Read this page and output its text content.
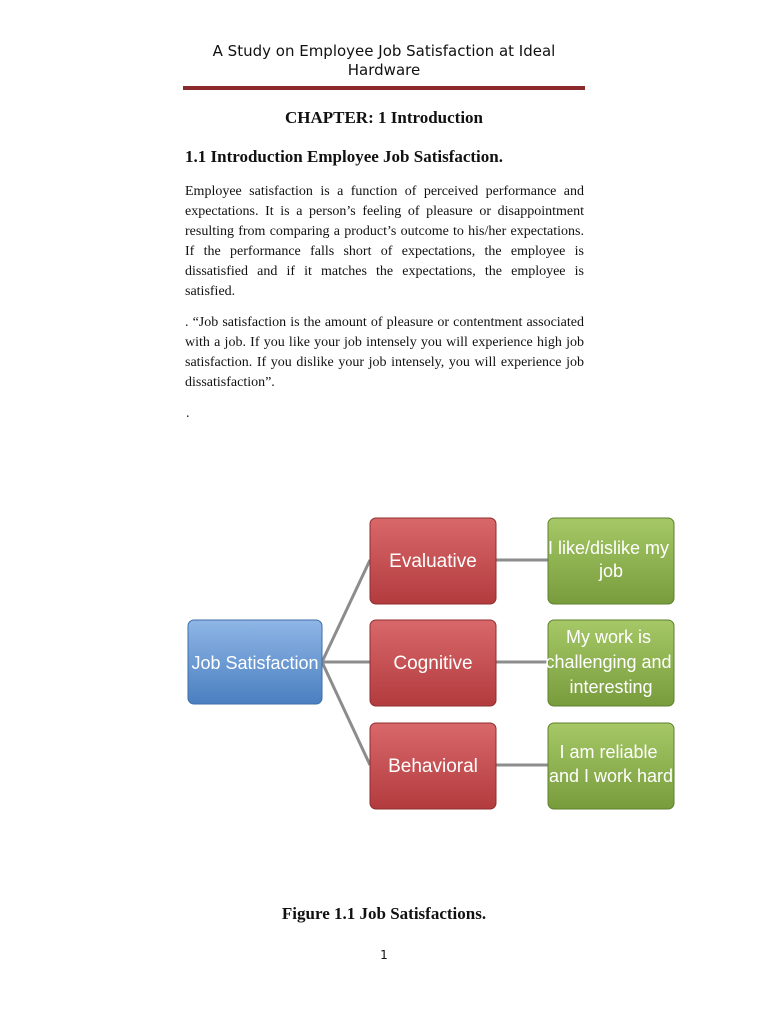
A Study on Employee Job Satisfaction at Ideal Hardware
CHAPTER: 1 Introduction
1.1 Introduction Employee Job Satisfaction.

Employee satisfaction is a function of perceived performance and expectations. It is a person’s feeling of pleasure or disappointment resulting from comparing a product’s outcome to his/her expectations. If the performance falls short of expectations, the employee is dissatisfied and if it matches the expectations, the employee is satisfied.

. “Job satisfaction is the amount of pleasure or contentment associated with a job. If you like your job intensely you will experience high job satisfaction. If you dislike your job intensely, you will experience job dissatisfaction”.

.
Job Satisfaction
Evaluative
Cognitive
Behavioral
I like/dislike my job
My work is challenging and interesting
I am reliable and I work hard
Figure 1.1 Job Satisfactions.
1
